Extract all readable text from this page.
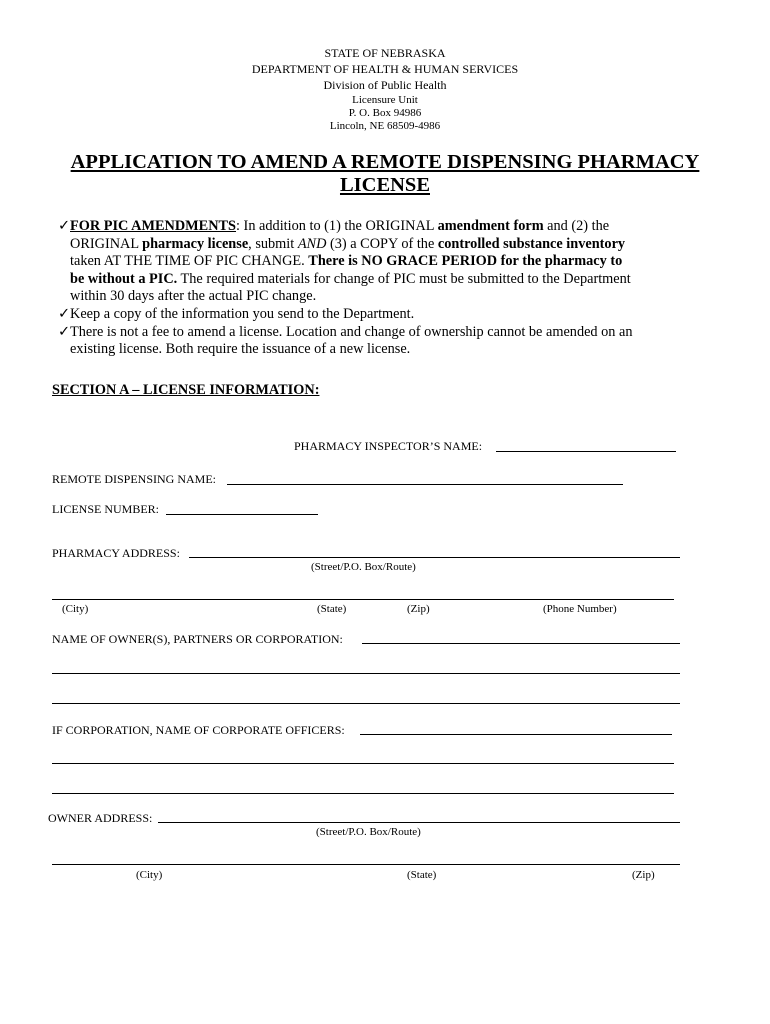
STATE OF NEBRASKA
DEPARTMENT OF HEALTH & HUMAN SERVICES
Division of Public Health
Licensure Unit
P. O. Box 94986
Lincoln, NE 68509-4986
APPLICATION TO AMEND A REMOTE DISPENSING PHARMACY
LICENSE
✓FOR PIC AMENDMENTS: In addition to (1) the ORIGINAL amendment form and (2) the
ORIGINAL pharmacy license, submit AND (3) a COPY of the controlled substance inventory
taken AT THE TIME OF PIC CHANGE. There is NO GRACE PERIOD for the pharmacy to
be without a PIC. The required materials for change of PIC must be submitted to the Department
within 30 days after the actual PIC change.
✓Keep a copy of the information you send to the Department.
✓There is not a fee to amend a license. Location and change of ownership cannot be amended on an
existing license. Both require the issuance of a new license.
SECTION A – LICENSE INFORMATION:
PHARMACY INSPECTOR’S NAME:
REMOTE DISPENSING NAME:
LICENSE NUMBER:
PHARMACY ADDRESS:
(Street/P.O. Box/Route)
(City)	(State)	(Zip)	(Phone Number)
NAME OF OWNER(S), PARTNERS OR CORPORATION:
IF CORPORATION, NAME OF CORPORATE OFFICERS:
OWNER ADDRESS:
(Street/P.O. Box/Route)
(City)	(State)	(Zip)
